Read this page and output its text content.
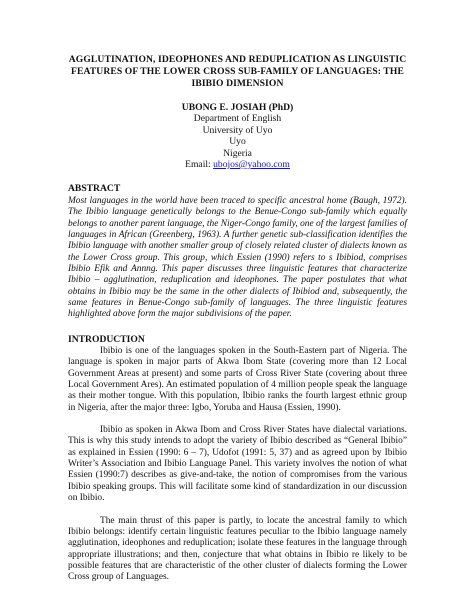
AGGLUTINATION, IDEOPHONES AND REDUPLICATION AS LINGUISTIC FEATURES OF THE LOWER CROSS SUB-FAMILY OF LANGUAGES: THE IBIBIO DIMENSION
UBONG E. JOSIAH (PhD)
Department of English
University of Uyo
Uyo
Nigeria
Email: ubojos@yahoo.com
ABSTRACT

Most languages in the world have been traced to specific ancestral home (Baugh, 1972). The Ibibio language genetically belongs to the Benue-Congo sub-family which equally belongs to another parent language, the Niger-Congo family, one of the largest families of languages in African (Greenberg, 1963). A further genetic sub-classification identifies the Ibibio language with another smaller group of closely related cluster of dialects known as the Lower Cross group. This group, which Essien (1990) refers to s Ibibiod, comprises Ibibio Efik and Annng. This paper discusses three linguistic features that characterize Ibibio – agglutination, reduplication and ideophones. The paper postulates that what obtains in Ibibio may be the same in the other dialects of Ibibiod and, subsequently, the same features in Benue-Congo sub-family of languages. The three linguistic features highlighted above form the major subdivisions of the paper.

INTRODUCTION

Ibibio is one of the languages spoken in the South-Eastern part of Nigeria. The language is spoken in major parts of Akwa Ibom State (covering more than 12 Local Government Areas at present) and some parts of Cross River State (covering about three Local Government Ares). An estimated population of 4 million people speak the language as their mother tongue. With this population, Ibibio ranks the fourth largest ethnic group in Nigeria, after the major three: Igbo, Yoruba and Hausa (Essien, 1990).

Ibibio as spoken in Akwa Ibom and Cross River States have dialectal variations. This is why this study intends to adopt the variety of Ibibio described as “General Ibibio” as explained in Essien (1990: 6 – 7), Udofot (1991: 5, 37) and as agreed upon by Ibibio Writer’s Association and Ibibio Language Panel. This variety involves the notion of what Essien (1990:7) describes as give-and-take, the notion of compromises from the various Ibibio speaking groups. This will facilitate some kind of standardization in our discussion on Ibibio.

The main thrust of this paper is partly, to locate the ancestral family to which Ibibio belongs: identify certain linguistic features peculiar to the Ibibio language namely agglutination, ideophones and reduplication; isolate these features in the language through appropriate illustrations; and then, conjecture that what obtains in Ibibio re likely to be possible features that are characteristic of the other cluster of dialects forming the Lower Cross group of Languages.
